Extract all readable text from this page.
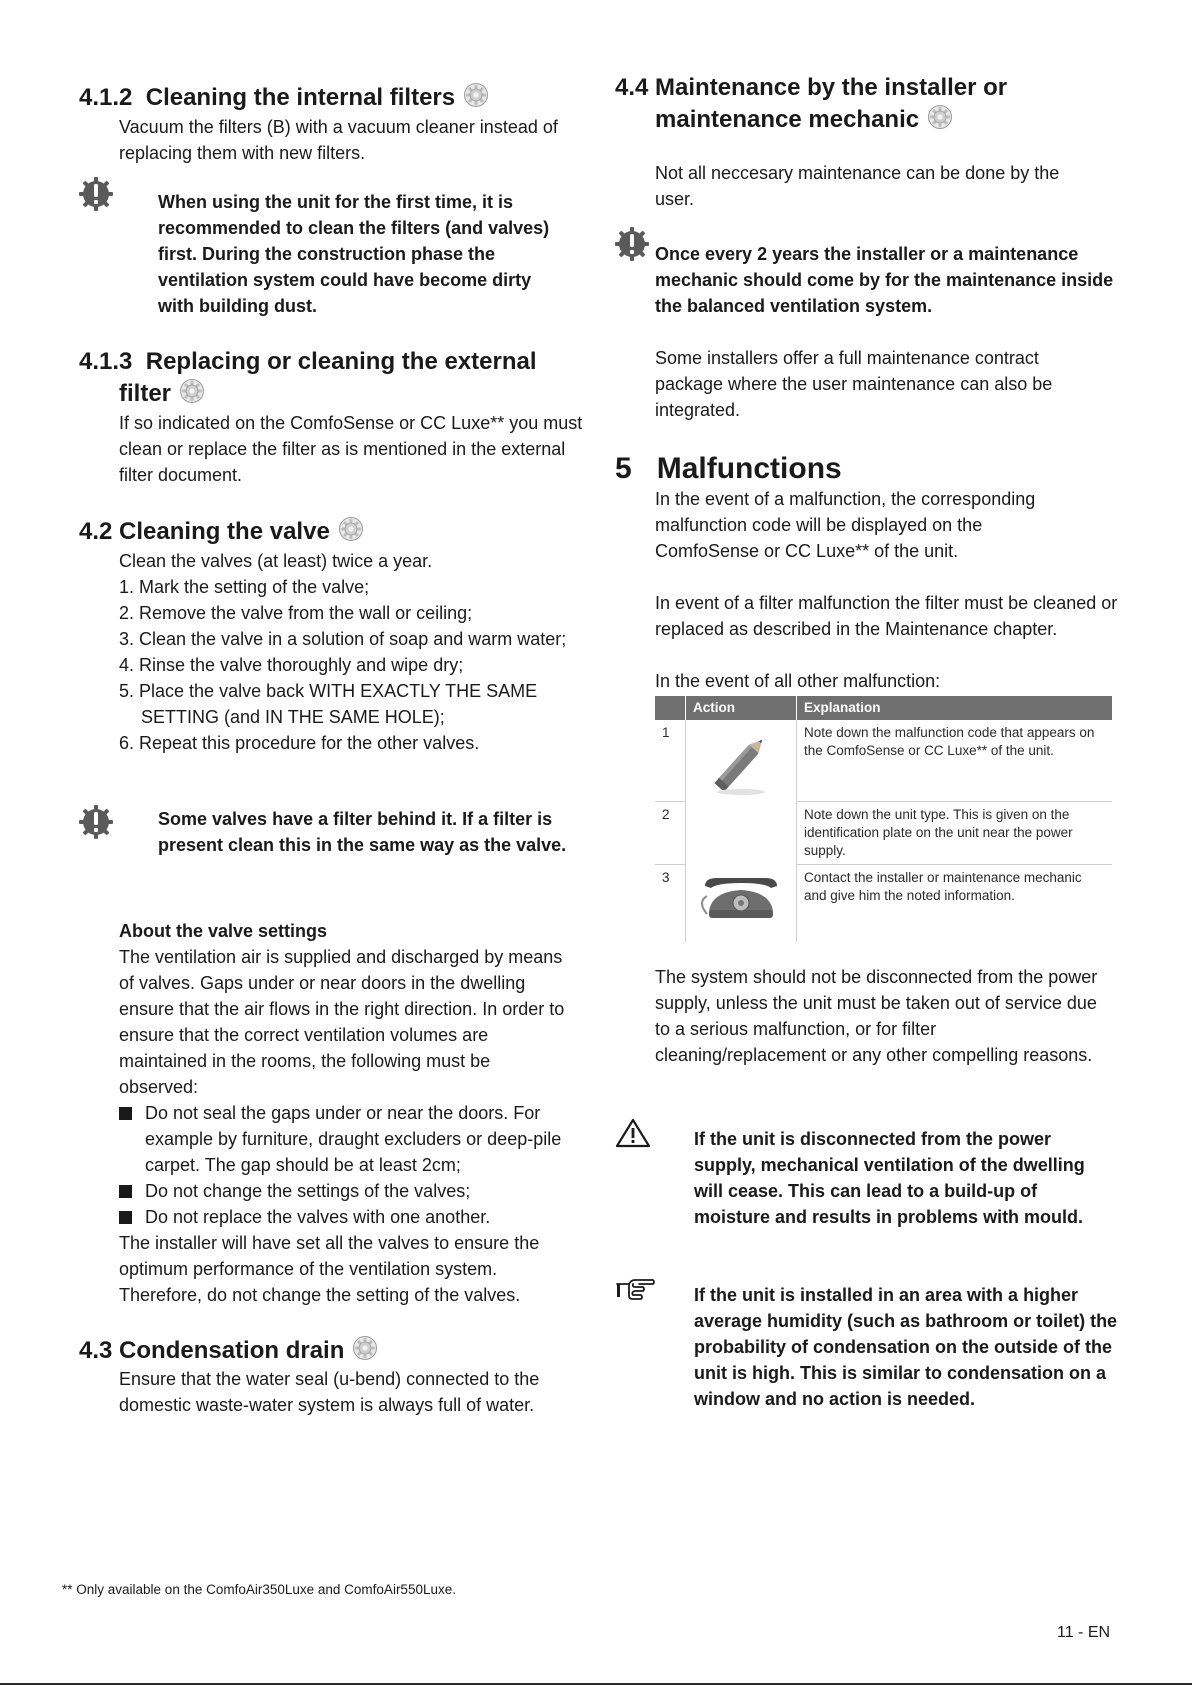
4.1.2 Cleaning the internal filters

Vacuum the filters (B) with a vacuum cleaner instead of replacing them with new filters.

When using the unit for the first time, it is recommended to clean the filters (and valves) first. During the construction phase the ventilation system could have become dirty with building dust.

4.1.3 Replacing or cleaning the external
filter

If so indicated on the ComfoSense or CC Luxe** you must clean or replace the filter as is mentioned in the external filter document.

4.2 Cleaning the valve

Clean the valves (at least) twice a year.

1. Mark the setting of the valve;
2. Remove the valve from the wall or ceiling;
3. Clean the valve in a solution of soap and warm water;
4. Rinse the valve thoroughly and wipe dry;
5. Place the valve back WITH EXACTLY THE SAME SETTING (and IN THE SAME HOLE);
6. Repeat this procedure for the other valves.

Some valves have a filter behind it. If a filter is present clean this in the same way as the valve.

About the valve settings

The ventilation air is supplied and discharged by means of valves. Gaps under or near doors in the dwelling ensure that the air flows in the right direction. In order to ensure that the correct ventilation volumes are maintained in the rooms, the following must be observed:

Do not seal the gaps under or near the doors. For example by furniture, draught excluders or deep-pile carpet. The gap should be at least 2cm;
Do not change the settings of the valves;
Do not replace the valves with one another.

The installer will have set all the valves to ensure the optimum performance of the ventilation system. Therefore, do not change the setting of the valves.

4.3 Condensation drain

Ensure that the water seal (u-bend) connected to the domestic waste-water system is always full of water.

4.4 Maintenance by the installer or
maintenance mechanic

Not all neccesary maintenance can be done by the user.

Once every 2 years the installer or a maintenance mechanic should come by for the maintenance inside the balanced ventilation system.

Some installers offer a full maintenance contract package where the user maintenance can also be integrated.

5 Malfunctions

In the event of a malfunction, the corresponding malfunction code will be displayed on the ComfoSense or CC Luxe** of the unit.

In event of a filter malfunction the filter must be cleaned or replaced as described in the Maintenance chapter.

In the event of all other malfunction:

	Action	Explanation
1		Note down the malfunction code that appears on the ComfoSense or CC Luxe** of the unit.
2		Note down the unit type. This is given on the identification plate on the unit near the power supply.
3		Contact the installer or maintenance mechanic and give him the noted information.

The system should not be disconnected from the power supply, unless the unit must be taken out of service due to a serious malfunction, or for filter cleaning/replacement or any other compelling reasons.

If the unit is disconnected from the power supply, mechanical ventilation of the dwelling will cease. This can lead to a build-up of moisture and results in problems with mould.

If the unit is installed in an area with a higher average humidity (such as bathroom or toilet) the probability of condensation on the outside of the unit is high. This is similar to condensation on a window and no action is needed.

** Only available on the ComfoAir350Luxe and ComfoAir550Luxe.
11 - EN
